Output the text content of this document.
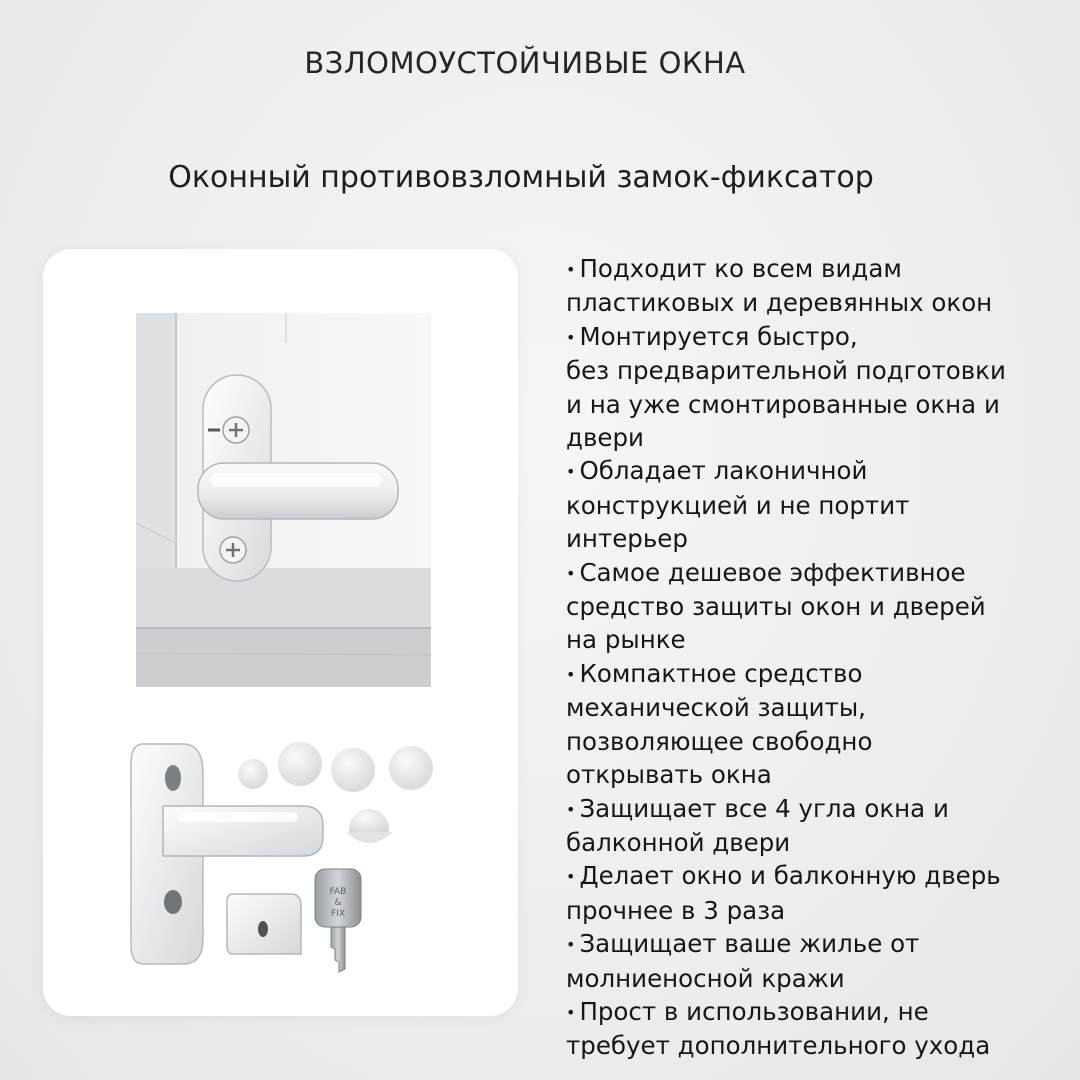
ВЗЛОМОУСТОЙЧИВЫЕ ОКНА
Оконный противовзломный замок-фиксатор
FAB
&
FIX
• Подходит ко всем видам
пластиковых и деревянных окон
• Монтируется быстро,
без предварительной подготовки
и на уже смонтированные окна и
двери
• Обладает лаконичной
конструкцией и не портит
интерьер
• Самое дешевое эффективное
средство защиты окон и дверей
на рынке
• Компактное средство
механической защиты,
позволяющее свободно
открывать окна
• Защищает все 4 угла окна и
балконной двери
• Делает окно и балконную дверь
прочнее в 3 раза
• Защищает ваше жилье от
молниеносной кражи
• Прост в использовании, не
требует дополнительного ухода
